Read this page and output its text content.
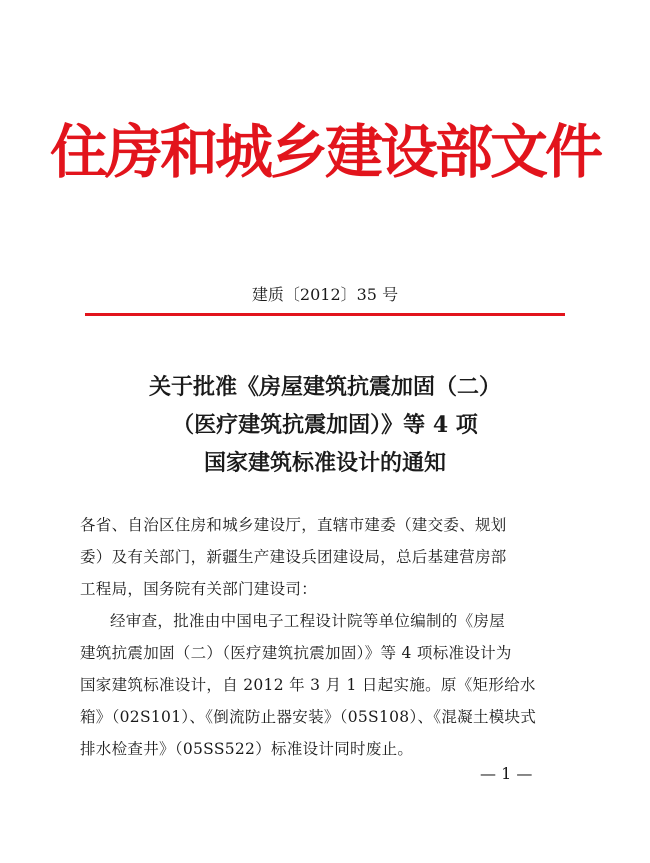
住房和城乡建设部文件
建质〔2012〕35 号
关于批准《房屋建筑抗震加固（二）
（医疗建筑抗震加固）》等 4 项
国家建筑标准设计的通知
各省、自治区住房和城乡建设厅，直辖市建委（建交委、规划
委）及有关部门，新疆生产建设兵团建设局，总后基建营房部
工程局，国务院有关部门建设司：
经审查，批准由中国电子工程设计院等单位编制的《房屋
建筑抗震加固（二）（医疗建筑抗震加固）》等 4 项标准设计为
国家建筑标准设计，自 2012 年 3 月 1 日起实施。原《矩形给水
箱》（02S101）、《倒流防止器安装》（05S108）、《混凝土模块式
排水检查井》（05SS522）标准设计同时废止。
— 1 —
